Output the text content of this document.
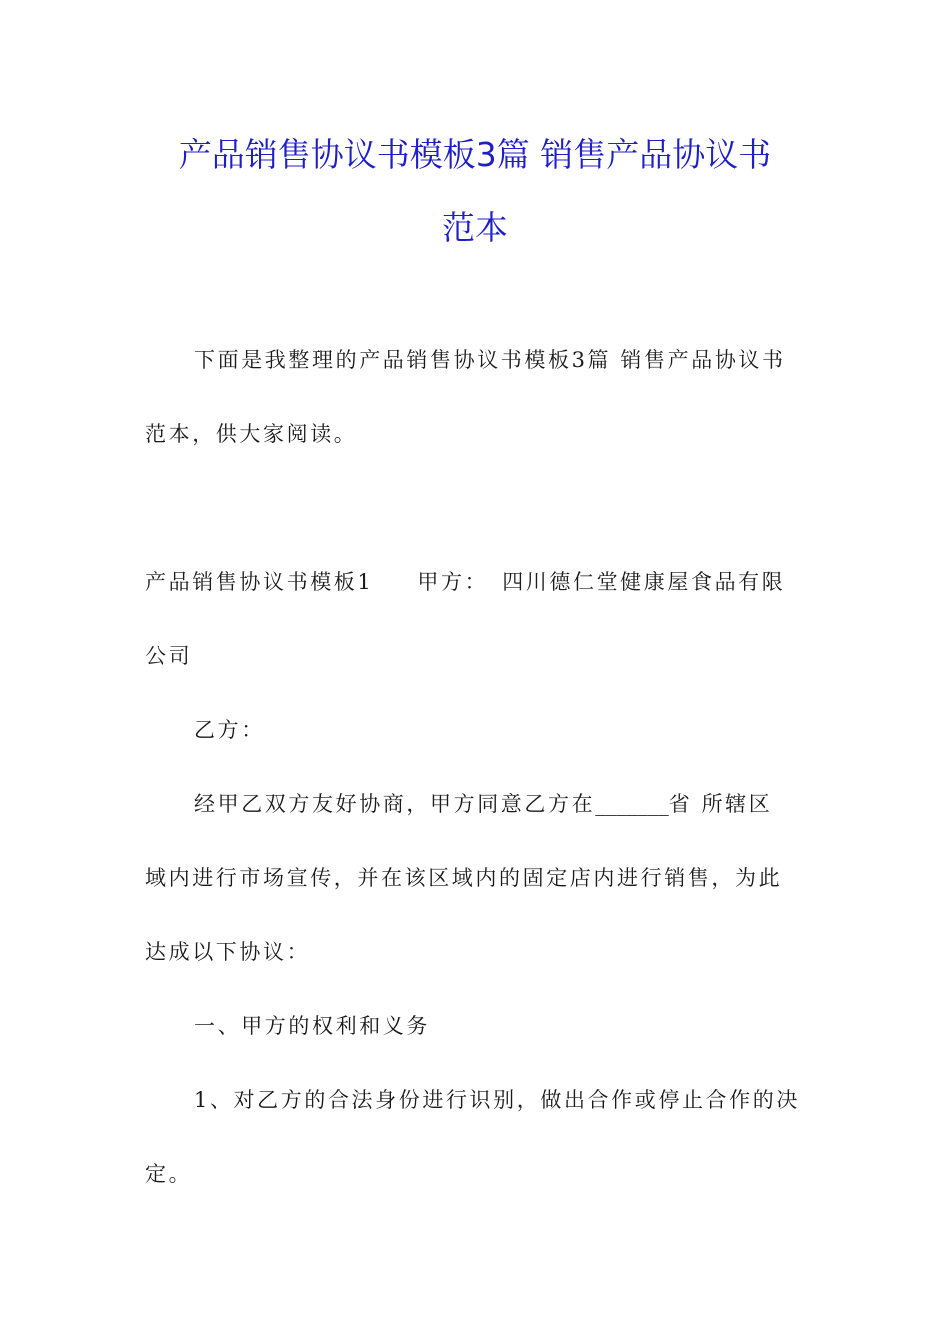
产品销售协议书模板3篇 销售产品协议书
范本
下面是我整理的产品销售协议书模板3篇 销售产品协议书
范本，供大家阅读。
产品销售协议书模板1 甲方： 四川德仁堂健康屋食品有限
公司
乙方：
经甲乙双方友好协商，甲方同意乙方在_______省 所辖区
域内进行市场宣传，并在该区域内的固定店内进行销售，为此
达成以下协议：
一、甲方的权利和义务
1、对乙方的合法身份进行识别，做出合作或停止合作的决
定。
